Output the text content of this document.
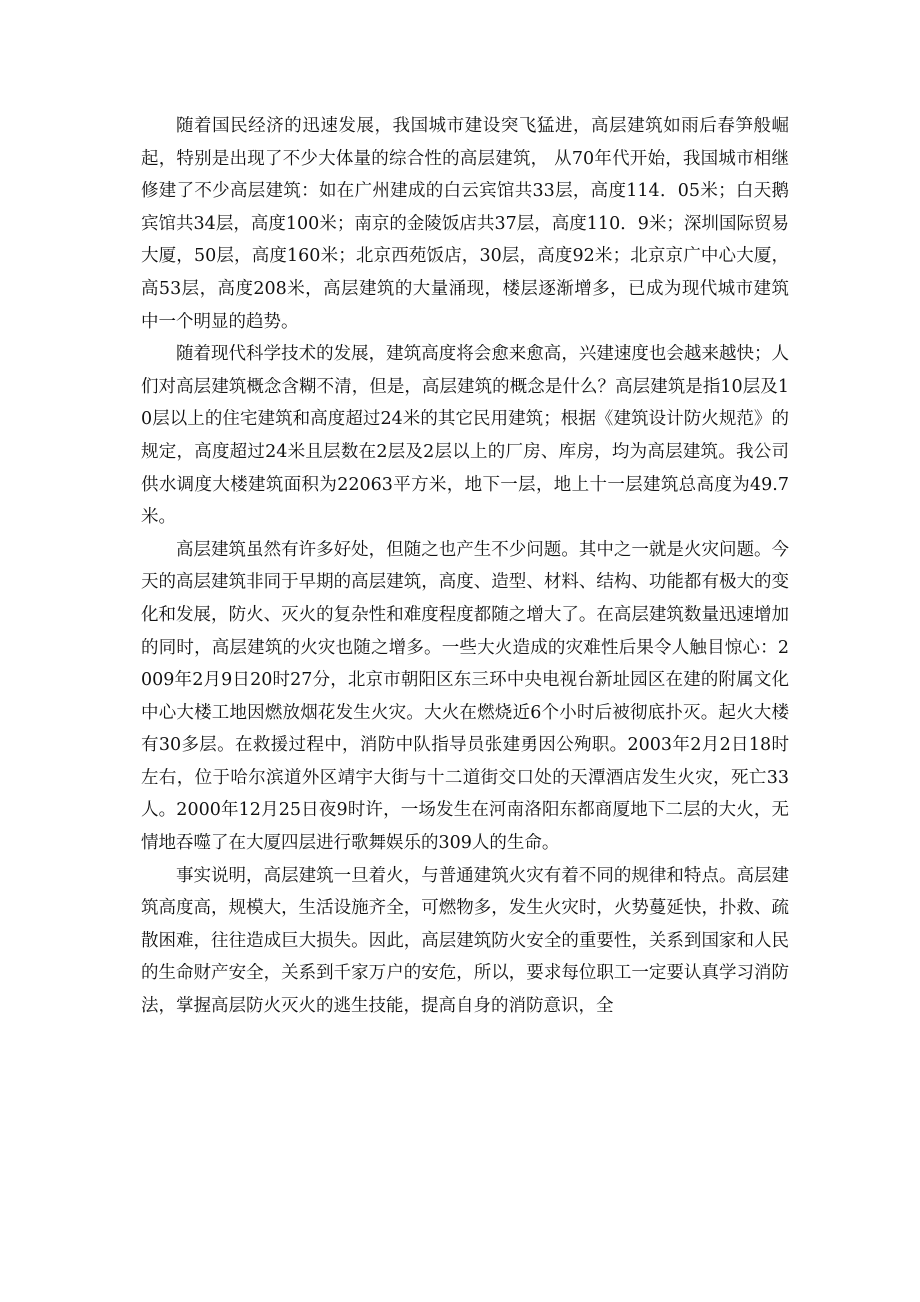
随着国民经济的迅速发展，我国城市建设突飞猛进，高层建筑如雨后春笋般崛起，特别是出现了不少大体量的综合性的高层建筑， 从70年代开始，我国城市相继修建了不少高层建筑：如在广州建成的白云宾馆共33层，高度114．05米；白天鹅宾馆共34层，高度100米；南京的金陵饭店共37层，高度110．9米；深圳国际贸易大厦，50层，高度160米；北京西苑饭店，30层，高度92米；北京京广中心大厦，高53层，高度208米，高层建筑的大量涌现，楼层逐渐增多，已成为现代城市建筑中一个明显的趋势。

随着现代科学技术的发展，建筑高度将会愈来愈高，兴建速度也会越来越快；人们对高层建筑概念含糊不清，但是，高层建筑的概念是什么？高层建筑是指10层及10层以上的住宅建筑和高度超过24米的其它民用建筑；根据《建筑设计防火规范》的规定，高度超过24米且层数在2层及2层以上的厂房、库房，均为高层建筑。我公司供水调度大楼建筑面积为22063平方米，地下一层，地上十一层建筑总高度为49.7米。

高层建筑虽然有许多好处，但随之也产生不少问题。其中之一就是火灾问题。今天的高层建筑非同于早期的高层建筑，高度、造型、材料、结构、功能都有极大的变化和发展，防火、灭火的复杂性和难度程度都随之增大了。在高层建筑数量迅速增加的同时，高层建筑的火灾也随之增多。一些大火造成的灾难性后果令人触目惊心：2009年2月9日20时27分，北京市朝阳区东三环中央电视台新址园区在建的附属文化中心大楼工地因燃放烟花发生火灾。大火在燃烧近6个小时后被彻底扑灭。起火大楼有30多层。在救援过程中，消防中队指导员张建勇因公殉职。2003年2月2日18时左右，位于哈尔滨道外区靖宇大街与十二道街交口处的天潭酒店发生火灾，死亡33人。2000年12月25日夜9时许，一场发生在河南洛阳东都商厦地下二层的大火，无情地吞噬了在大厦四层进行歌舞娱乐的309人的生命。

事实说明，高层建筑一旦着火，与普通建筑火灾有着不同的规律和特点。高层建筑高度高，规模大，生活设施齐全，可燃物多，发生火灾时，火势蔓延快，扑救、疏散困难，往往造成巨大损失。因此，高层建筑防火安全的重要性，关系到国家和人民的生命财产安全，关系到千家万户的安危，所以，要求每位职工一定要认真学习消防法，掌握高层防火灭火的逃生技能，提高自身的消防意识，全
